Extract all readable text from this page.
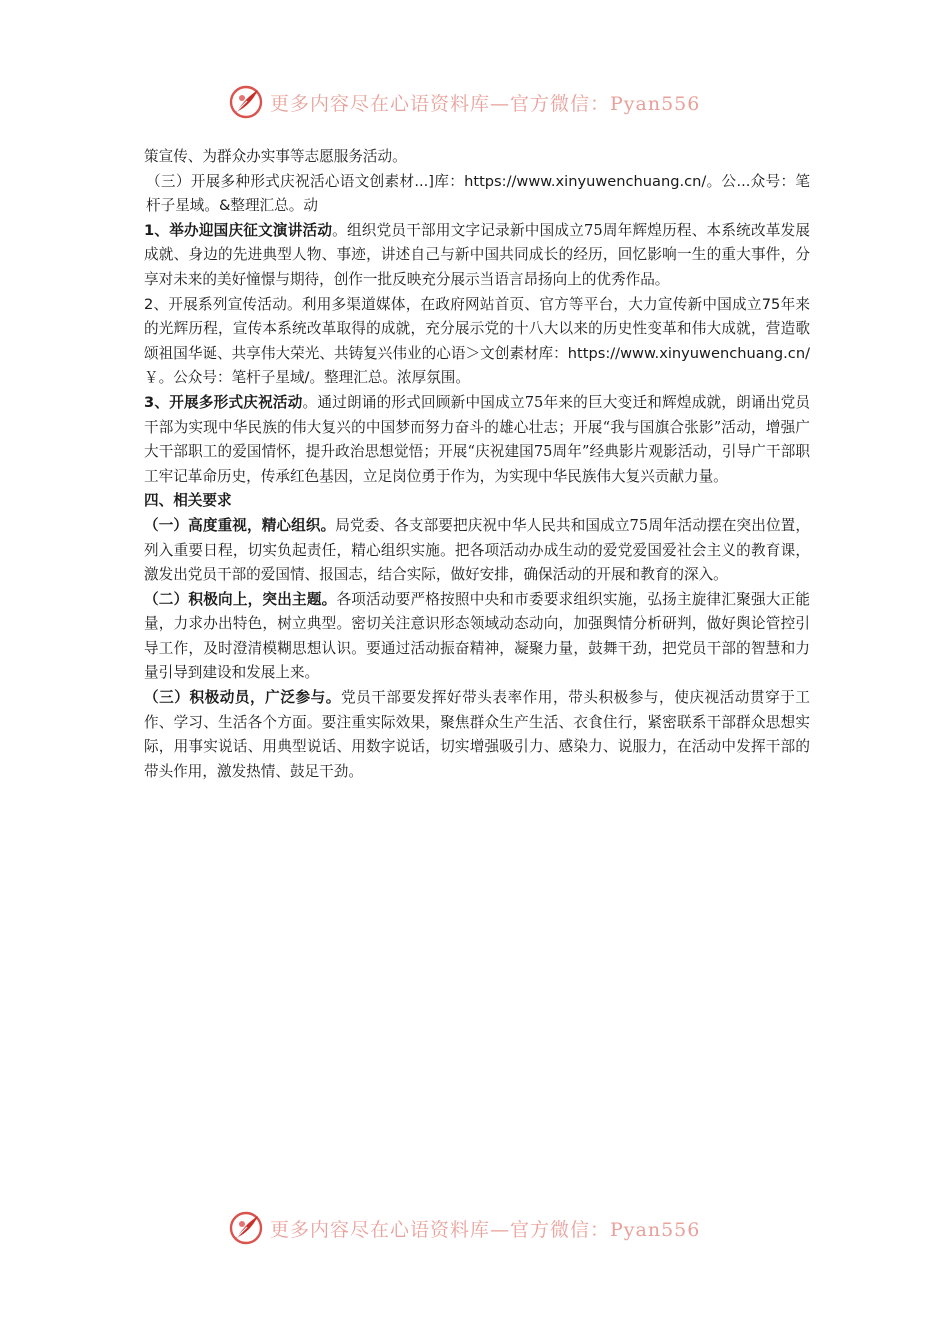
更多内容尽在心语资料库—官方微信：Pyan556

策宣传、为群众办实事等志愿服务活动。

（三）开展多种形式庆祝活心语文创素材...]库：https://www.xinyuwenchuang.cn/。公...众号：笔杆子星域。&整理汇总。动

1、举办迎国庆征文演讲活动。组织党员干部用文字记录新中国成立75周年辉煌历程、本系统改革发展成就、身边的先进典型人物、事迹，讲述自己与新中国共同成长的经历，回忆影响一生的重大事件，分享对未来的美好憧憬与期待，创作一批反映充分展示当语言昂扬向上的优秀作品。

2、开展系列宣传活动。利用多渠道媒体，在政府网站首页、官方等平台，大力宣传新中国成立75年来的光辉历程，宣传本系统改革取得的成就，充分展示党的十八大以来的历史性变革和伟大成就，营造歌颂祖国华诞、共享伟大荣光、共铸复兴伟业的心语＞文创素材库：https://www.xinyuwenchuang.cn/￥。公众号：笔杆子星域/。整理汇总。浓厚氛围。

3、开展多形式庆祝活动。通过朗诵的形式回顾新中国成立75年来的巨大变迁和辉煌成就，朗诵出党员干部为实现中华民族的伟大复兴的中国梦而努力奋斗的雄心壮志；开展“我与国旗合张影”活动，增强广大干部职工的爱国情怀，提升政治思想觉悟；开展“庆祝建国75周年”经典影片观影活动，引导广干部职工牢记革命历史，传承红色基因，立足岗位勇于作为，为实现中华民族伟大复兴贡献力量。

四、相关要求

（一）高度重视，精心组织。局党委、各支部要把庆祝中华人民共和国成立75周年活动摆在突出位置，列入重要日程，切实负起责任，精心组织实施。把各项活动办成生动的爱党爱国爱社会主义的教育课，激发出党员干部的爱国情、报国志，结合实际，做好安排，确保活动的开展和教育的深入。

（二）积极向上，突出主题。各项活动要严格按照中央和市委要求组织实施，弘扬主旋律汇聚强大正能量，力求办出特色，树立典型。密切关注意识形态领域动态动向，加强舆情分析研判，做好舆论管控引导工作，及时澄清模糊思想认识。要通过活动振奋精神，凝聚力量，鼓舞干劲，把党员干部的智慧和力量引导到建设和发展上来。

（三）积极动员，广泛参与。党员干部要发挥好带头表率作用，带头积极参与，使庆视活动贯穿于工作、学习、生活各个方面。要注重实际效果，聚焦群众生产生活、衣食住行，紧密联系干部群众思想实际，用事实说话、用典型说话、用数字说话，切实增强吸引力、感染力、说服力，在活动中发挥干部的带头作用，激发热情、鼓足干劲。

更多内容尽在心语资料库—官方微信：Pyan556
